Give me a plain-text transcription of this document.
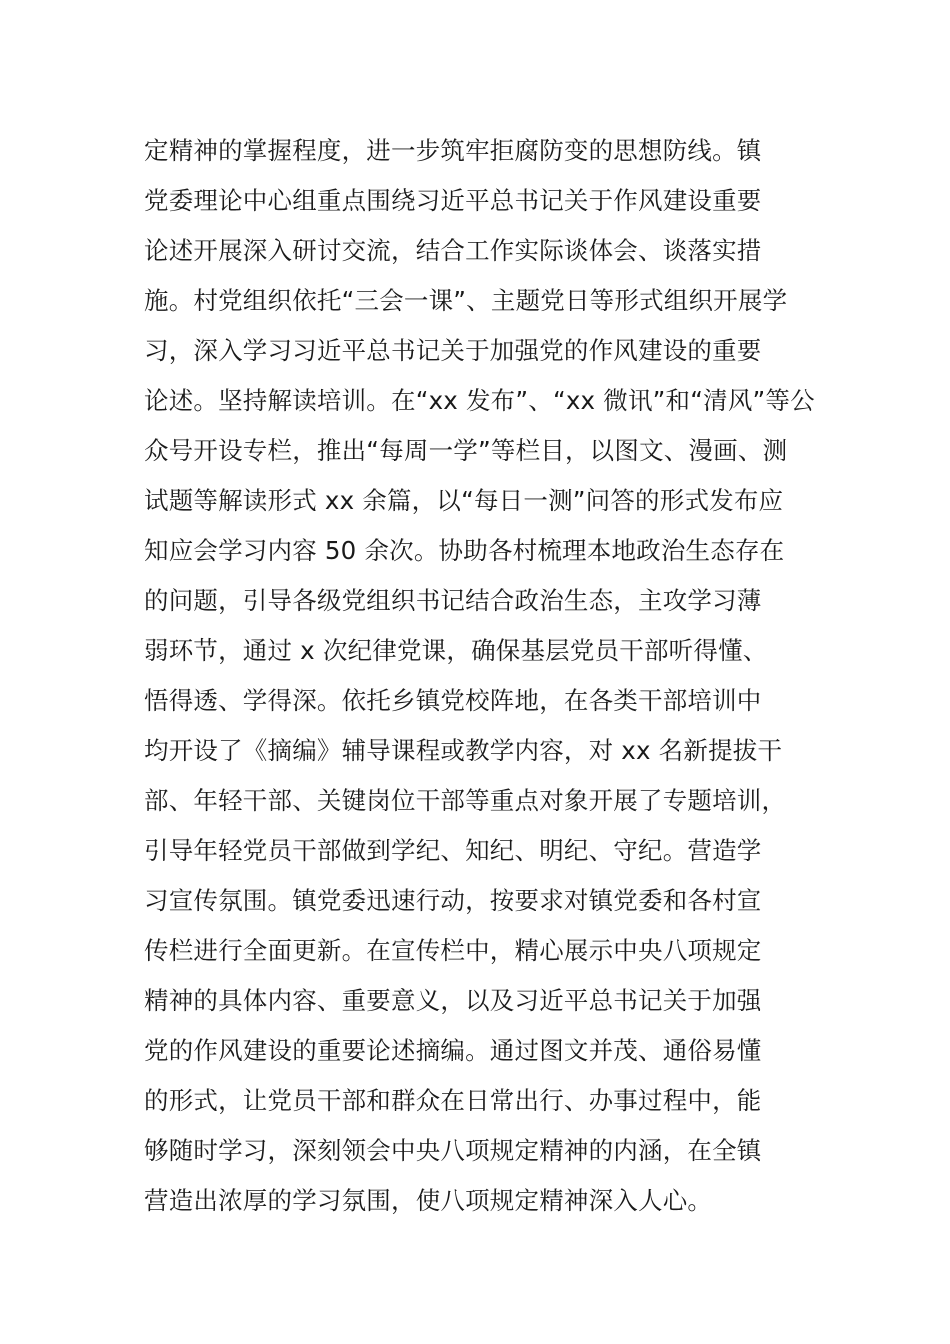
定精神的掌握程度，进一步筑牢拒腐防变的思想防线。镇
党委理论中心组重点围绕习近平总书记关于作风建设重要
论述开展深入研讨交流，结合工作实际谈体会、谈落实措
施。村党组织依托“三会一课”、主题党日等形式组织开展学
习，深入学习习近平总书记关于加强党的作风建设的重要
论述。坚持解读培训。在“xx 发布”、“xx 微讯”和“清风”等公
众号开设专栏，推出“每周一学”等栏目，以图文、漫画、测
试题等解读形式 xx 余篇，以“每日一测”问答的形式发布应
知应会学习内容 50 余次。协助各村梳理本地政治生态存在
的问题，引导各级党组织书记结合政治生态，主攻学习薄
弱环节，通过 x 次纪律党课，确保基层党员干部听得懂、
悟得透、学得深。依托乡镇党校阵地，在各类干部培训中
均开设了《摘编》辅导课程或教学内容，对 xx 名新提拔干
部、年轻干部、关键岗位干部等重点对象开展了专题培训，
引导年轻党员干部做到学纪、知纪、明纪、守纪。营造学
习宣传氛围。镇党委迅速行动，按要求对镇党委和各村宣
传栏进行全面更新。在宣传栏中，精心展示中央八项规定
精神的具体内容、重要意义，以及习近平总书记关于加强
党的作风建设的重要论述摘编。通过图文并茂、通俗易懂
的形式，让党员干部和群众在日常出行、办事过程中，能
够随时学习，深刻领会中央八项规定精神的内涵，在全镇
营造出浓厚的学习氛围，使八项规定精神深入人心。
